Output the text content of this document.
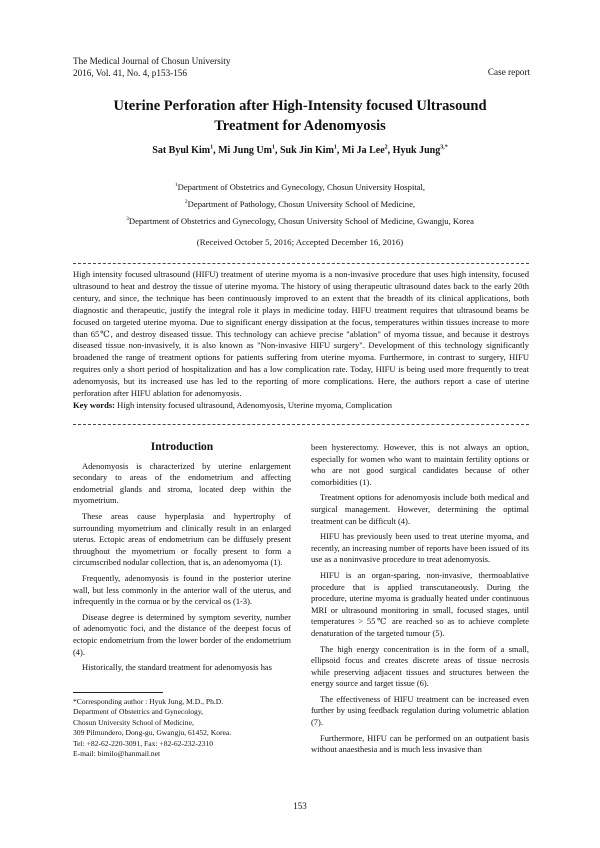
The Medical Journal of Chosun University
2016, Vol. 41, No. 4, p153-156	Case report
Uterine Perforation after High-Intensity focused Ultrasound
Treatment for Adenomyosis
Sat Byul Kim$^1$, Mi Jung Um$^1$, Suk Jin Kim$^1$, Mi Ja Lee$^2$, Hyuk Jung$^{3,*}$
$^1$Department of Obstetrics and Gynecology, Chosun University Hospital,
$^2$Department of Pathology, Chosun University School of Medicine,
$^3$Department of Obstetrics and Gynecology, Chosun University School of Medicine, Gwangju, Korea
(Received October 5, 2016; Accepted December 16, 2016)
High intensity focused ultrasound (HIFU) treatment of uterine myoma is a non-invasive procedure that uses high intensity, focused ultrasound to heat and destroy the tissue of uterine myoma. The history of using therapeutic ultrasound dates back to the early 20th century, and since, the technique has been continuously improved to an extent that the breadth of its clinical applications, both diagnostic and therapeutic, justify the integral role it plays in medicine today. HIFU treatment requires that ultrasound beams be focused on targeted uterine myoma. Due to significant energy dissipation at the focus, temperatures within tissues increase to more than 65℃, and destroy diseased tissue. This technology can achieve precise "ablation" of myoma tissue, and because it destroys diseased tissue non-invasively, it is also known as "Non-invasive HIFU surgery". Development of this technology significantly broadened the range of treatment options for patients suffering from uterine myoma. Furthermore, in contrast to surgery, HIFU requires only a short period of hospitalization and has a low complication rate. Today, HIFU is being used more frequently to treat adenomyosis, but its increased use has led to the reporting of more complications. Here, the authors report a case of uterine perforation after HIFU ablation for adenomyosis.
Key words: High intensity focused ultrasound, Adenomyosis, Uterine myoma, Complication
Introduction

Adenomyosis is characterized by uterine enlargement secondary to areas of the endometrium and affecting endometrial glands and stroma, located deep within the myometrium.

These areas cause hyperplasia and hypertrophy of surrounding myometrium and clinically result in an enlarged uterus. Ectopic areas of endometrium can be diffusely present throughout the myometrium or focally present to form a circumscribed nodular collection, that is, an adenomyoma (1).

Frequently, adenomyosis is found in the posterior uterine wall, but less commonly in the anterior wall of the uterus, and infrequently in the cornua or by the cervical os (1-3).

Disease degree is determined by symptom severity, number of adenomyotic foci, and the distance of the deepest focus of ectopic endometrium from the lower border of the endometrium (4).

Historically, the standard treatment for adenomyosis has

been hysterectomy. However, this is not always an option, especially for women who want to maintain fertility options or who are not good surgical candidates because of other comorbidities (1).

Treatment options for adenomyosis include both medical and surgical management. However, determining the optimal treatment can be difficult (4).

HIFU has previously been used to treat uterine myoma, and recently, an increasing number of reports have been issued of its use as a noninvasive procedure to treat adenomyosis.

HIFU is an organ-sparing, non-invasive, thermoablative procedure that is applied transcutaneously. During the procedure, uterine myoma is gradually heated under continuous MRI or ultrasound monitoring in small, focused stages, until temperatures > 55℃ are reached so as to achieve complete denaturation of the targeted tumour (5).

The high energy concentration is in the form of a small, ellipsoid focus and creates discrete areas of tissue necrosis while preserving adjacent tissues and structures between the energy source and target tissue (6).

The effectiveness of HIFU treatment can be increased even further by using feedback regulation during volumetric ablation (7).

Furthermore, HIFU can be performed on an outpatient basis without anaesthesia and is much less invasive than

*Corresponding author : Hyuk Jung, M.D., Ph.D.
Department of Obstetrics and Gynecology,
Chosun University School of Medicine,
309 Pilmundero, Dong-gu, Gwangju, 61452, Korea.
Tel: +82-62-220-3091, Fax: +82-62-232-2310
E-mail: bimilo@hanmail.net
153
